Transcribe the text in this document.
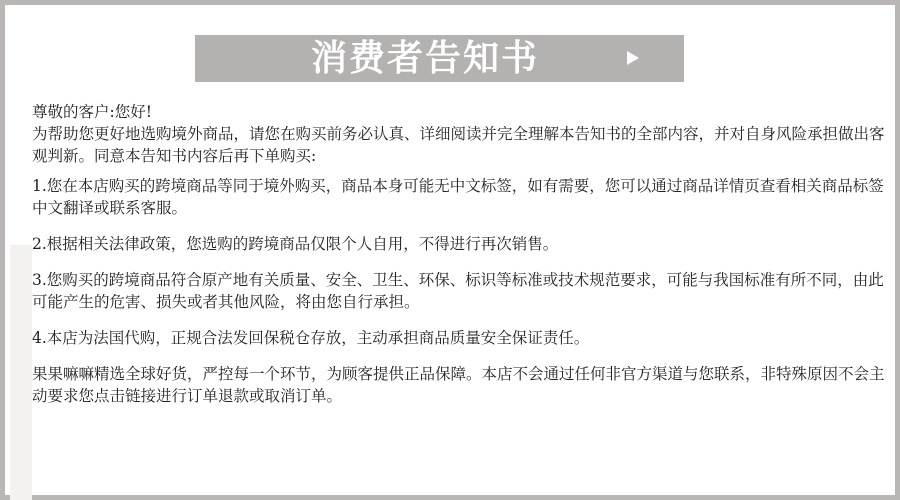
消费者告知书

尊敬的客户:您好!

为帮助您更好地选购境外商品，请您在购买前务必认真、详细阅读并完全理解本告知书的全部内容，并对自身风险承担做出客观判新。同意本告知书内容后再下单购买:

1.您在本店购买的跨境商品等同于境外购买，商品本身可能无中文标签，如有需要，您可以通过商品详情页查看相关商品标签中文翻译或联系客服。

2.根据相关法律政策，您选购的跨境商品仅限个人自用，不得进行再次销售。

3.您购买的跨境商品符合原产地有关质量、安全、卫生、环保、标识等标准或技术规范要求，可能与我国标准有所不同，由此可能产生的危害、损失或者其他风险，将由您自行承担。

4.本店为法国代购，正规合法发回保税仓存放，主动承担商品质量安全保证责任。

果果嘛嘛精选全球好货，严控每一个环节，为顾客提供正品保障。本店不会通过任何非官方渠道与您联系，非特殊原因不会主动要求您点击链接进行订单退款或取消订单。
